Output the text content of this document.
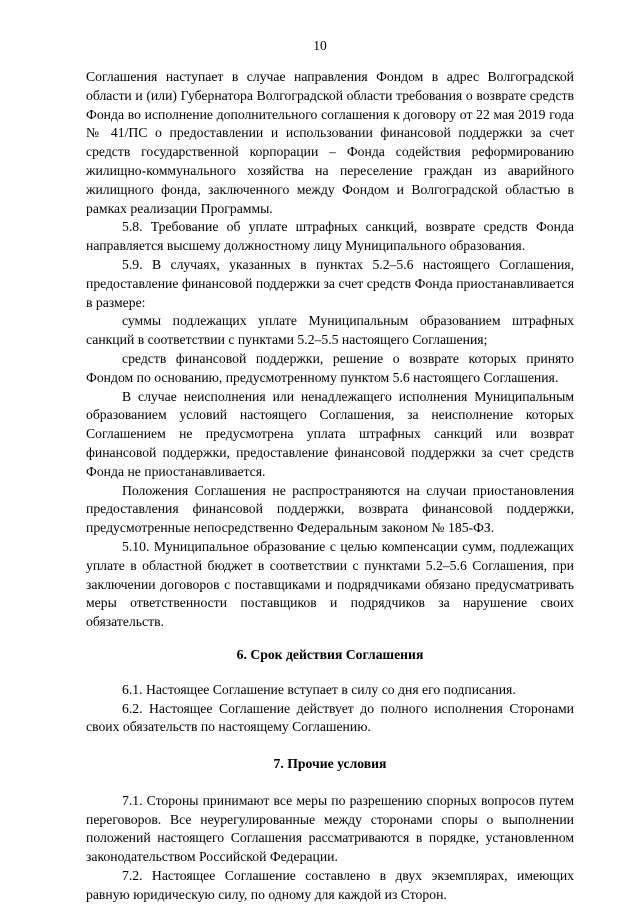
10

Соглашения наступает в случае направления Фондом в адрес Волгоградской области и (или) Губернатора Волгоградской области требования о возврате средств Фонда во исполнение дополнительного соглашения к договору от 22 мая 2019 года № 41/ПС о предоставлении и использовании финансовой поддержки за счет средств государственной корпорации – Фонда содействия реформированию жилищно-коммунального хозяйства на переселение граждан из аварийного жилищного фонда, заключенного между Фондом и Волгоградской областью в рамках реализации Программы.

5.8. Требование об уплате штрафных санкций, возврате средств Фонда направляется высшему должностному лицу Муниципального образования.

5.9. В случаях, указанных в пунктах 5.2–5.6 настоящего Соглашения, предоставление финансовой поддержки за счет средств Фонда приостанавливается в размере:

суммы подлежащих уплате Муниципальным образованием штрафных санкций в соответствии с пунктами 5.2–5.5 настоящего Соглашения;

средств финансовой поддержки, решение о возврате которых принято Фондом по основанию, предусмотренному пунктом 5.6 настоящего Соглашения.

В случае неисполнения или ненадлежащего исполнения Муниципальным образованием условий настоящего Соглашения, за неисполнение которых Соглашением не предусмотрена уплата штрафных санкций или возврат финансовой поддержки, предоставление финансовой поддержки за счет средств Фонда не приостанавливается.

Положения Соглашения не распространяются на случаи приостановления предоставления финансовой поддержки, возврата финансовой поддержки, предусмотренные непосредственно Федеральным законом № 185-ФЗ.

5.10. Муниципальное образование с целью компенсации сумм, подлежащих уплате в областной бюджет в соответствии с пунктами 5.2–5.6 Соглашения, при заключении договоров с поставщиками и подрядчиками обязано предусматривать меры ответственности поставщиков и подрядчиков за нарушение своих обязательств.

6. Срок действия Соглашения

6.1. Настоящее Соглашение вступает в силу со дня его подписания.

6.2. Настоящее Соглашение действует до полного исполнения Сторонами своих обязательств по настоящему Соглашению.

7. Прочие условия

7.1. Стороны принимают все меры по разрешению спорных вопросов путем переговоров. Все неурегулированные между сторонами споры о выполнении положений настоящего Соглашения рассматриваются в порядке, установленном законодательством Российской Федерации.

7.2. Настоящее Соглашение составлено в двух экземплярах, имеющих равную юридическую силу, по одному для каждой из Сторон.
